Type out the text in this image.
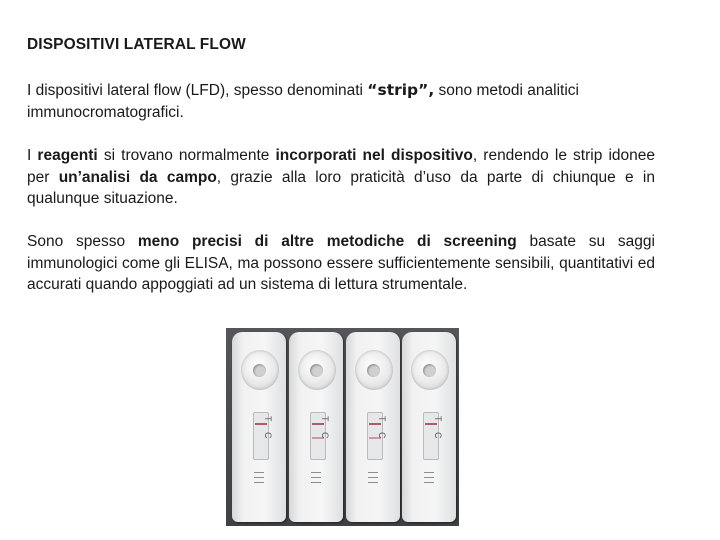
DISPOSITIVI LATERAL FLOW

I dispositivi lateral flow (LFD), spesso denominati “strip”, sono metodi analitici immunocromatografici.

I reagenti si trovano normalmente incorporati nel dispositivo, rendendo le strip idonee per un’analisi da campo, grazie alla loro praticità d’uso da parte di chiunque e in qualunque situazione.

Sono spesso meno precisi di altre metodiche di screening basate su saggi immunologici come gli ELISA, ma possono essere sufficientemente sensibili, quantitativi ed accurati quando appoggiati ad un sistema di lettura strumentale.

T
C
T
C
T
C
T
C
